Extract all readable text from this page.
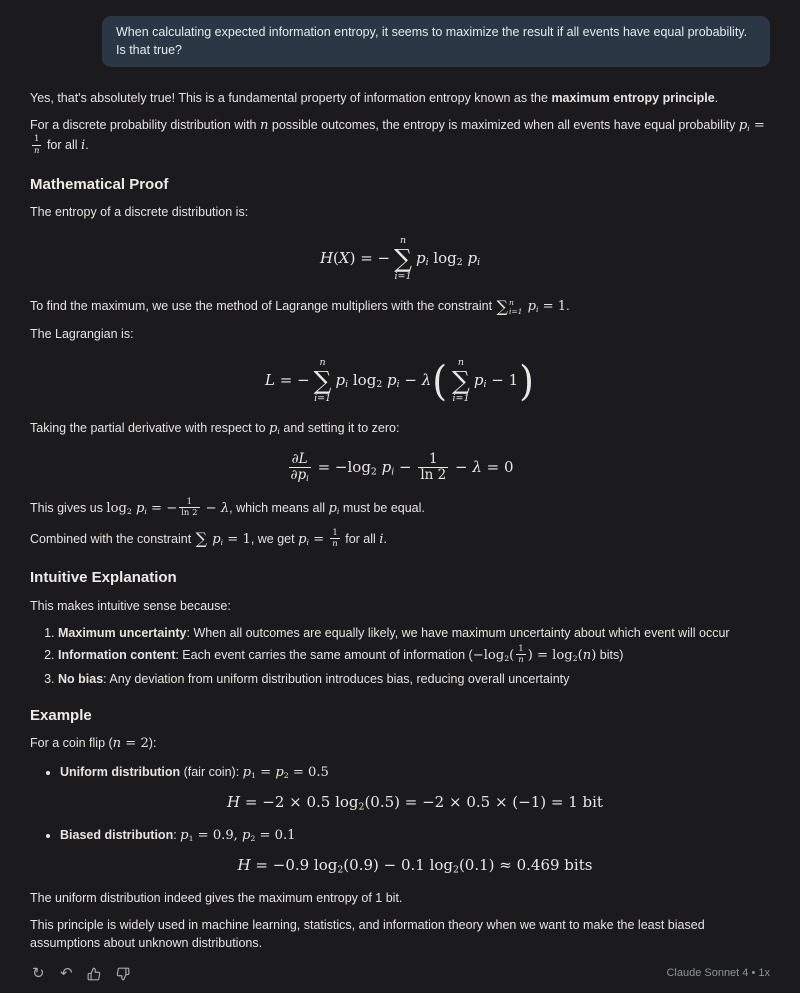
When calculating expected information entropy, it seems to maximize the result if all events have equal probability. Is that true?

Yes, that's absolutely true! This is a fundamental property of information entropy known as the maximum entropy principle.

For a discrete probability distribution with n possible outcomes, the entropy is maximized when all events have equal probability pi =
$\frac{1}{n}$ for all i.

Mathematical Proof

The entropy of a discrete distribution is:

H(X) = −
n
∑
i=1
pi log2 pi

To find the maximum, we use the method of Lagrange multipliers with the constraint ∑ n
i=1 pi = 1.

The Lagrangian is:

L = −
n
∑
i=1
pi log2 pi − λ( n
∑
i=1
pi − 1)

Taking the partial derivative with respect to pi and setting it to zero:

$\frac{\partial L}{\partial pi} = -\log 2$ pi − $\frac{1}{\ln 2} - \lambda = 0$

This gives us log2 pi = − $\frac{1}{\ln 2} - \lambda$, which means all pi must be equal.

Combined with the constraint ∑ pi = 1, we get pi = $\frac{1}{n}$ for all i.

Intuitive Explanation

This makes intuitive sense because:

1. Maximum uncertainty: When all outcomes are equally likely, we have maximum uncertainty about which event will occur
2. Information content: Each event carries the same amount of information ($-\log 2( \frac{1}{n}$ ) = log2(n) bits)
3. No bias: Any deviation from uniform distribution introduces bias, reducing overall uncertainty
Example

For a coin flip (n = 2):

• Uniform distribution (fair coin): p1 = p2 = 0.5
H = −2 × 0.5 log2(0.5) = −2 × 0.5 × (−1) = 1 bit
• Biased distribution: p1 = 0.9, p2 = 0.1
H = −0.9 log2(0.9) − 0.1 log2(0.1) ≈ 0.469 bits

The uniform distribution indeed gives the maximum entropy of 1 bit.

This principle is widely used in machine learning, statistics, and information theory when we want to make the least biased assumptions about unknown distributions.

↻ ↷	Claude Sonnet 4 • 1x
